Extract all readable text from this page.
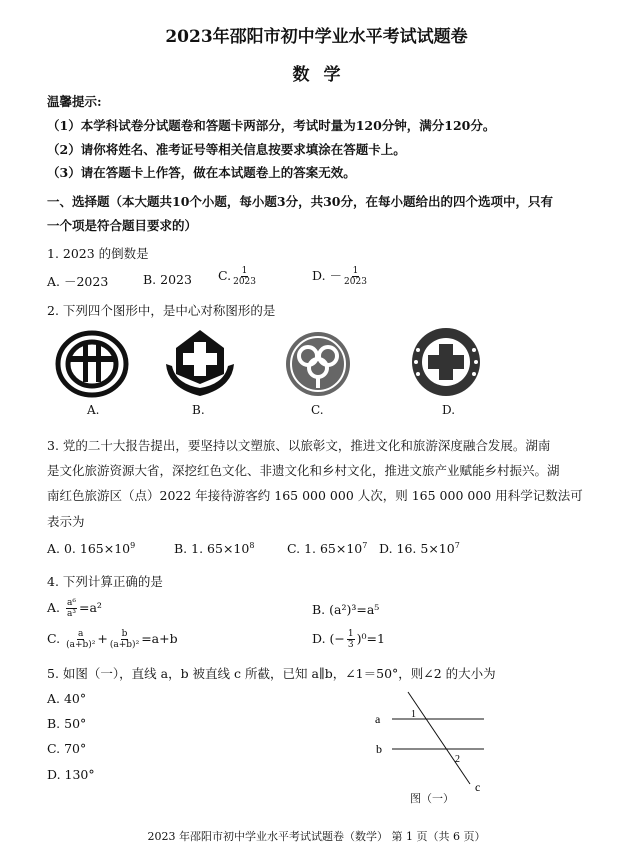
2023年邵阳市初中学业水平考试试题卷
数学
温馨提示:
（1）本学科试卷分试题卷和答题卡两部分，考试时量为120分钟，满分120分。
（2）请你将姓名、准考证号等相关信息按要求填涂在答题卡上。
（3）请在答题卡上作答，做在本试题卷上的答案无效。
一、选择题（本大题共10个小题，每小题3分，共30分，在每小题给出的四个选项中，只有
一个项是符合题目要求的）
1. 2023 的倒数是
A. －2023	B. 2023 C. $\frac{1}{2023}$	D. － $\frac{1}{2023}$
2. 下列四个图形中，是中心对称图形的是
A.	B.	C.	D.
3. 党的二十大报告提出，要坚持以文塑旅、以旅彰文，推进文化和旅游深度融合发展。湖南
是文化旅游资源大省，深挖红色文化、非遗文化和乡村文化，推进文旅产业赋能乡村振兴。湖
南红色旅游区（点）2022 年接待游客约 165 000 000 人次，则 165 000 000 用科学记数法可
表示为
A. 0. $165\times 10^9$	B. 1. $65\times 10^8$	C. 1. $65\times 10^7$ D. 16. $5\times 10^7$
4. 下列计算正确的是
A. $\frac{\text{a⁶}}{\text{a³}} =a^2$	B. (a²)³=a⁵
C. $\frac{a}{\text{(a+b)²}} + \frac{b}{\text{(a+b)²}} =a+b$	D. (− $\frac{1}{3} )^0=1$
5. 如图（一），直线 a，b 被直线 c 所截，已知 a∥b，∠1＝50°，则∠2 的大小为
A. 40°
B. 50°
C. 70°
D. 130°
a
b
c
1
2
图（一）
2023 年邵阳市初中学业水平考试试题卷（数学） 第 1 页（共 6 页）
